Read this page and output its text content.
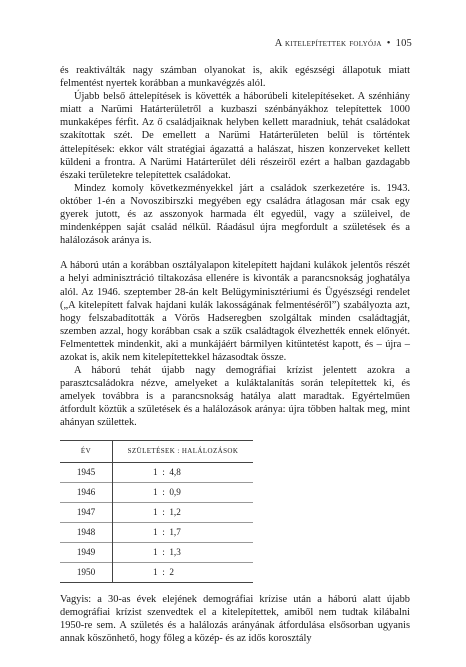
A kitelepítettek folyója • 105

és reaktiválták nagy számban olyanokat is, akik egészségi állapotuk miatt felmentést nyertek korábban a munkavégzés alól.

Újabb belső áttelepítések is követték a háborúbeli kitelepítéseket. A szénhiány miatt a Narümi Határterületről a kuzbaszi szénbányákhoz telepítettek 1000 munkaképes férfit. Az ő családjaiknak helyben kellett maradniuk, tehát családokat szakítottak szét. De emellett a Narümi Határterületen belül is történtek áttelepítések: ekkor vált stratégiai ágazattá a halászat, hiszen konzerveket kellett küldeni a frontra. A Narümi Határterület déli részeiről ezért a halban gazdagabb északi területekre telepítettek családokat.

Mindez komoly következményekkel járt a családok szerkezetére is. 1943. október 1-én a Novoszibirszki megyében egy családra átlagosan már csak egy gyerek jutott, és az asszonyok harmada élt egyedül, vagy a szüleivel, de mindenképpen saját család nélkül. Ráadásul újra megfordult a születések és a halálozások aránya is.

A háború után a korábban osztályalapon kitelepített hajdani kulákok jelentős részét a helyi adminisztráció tiltakozása ellenére is kivonták a parancsnokság joghatálya alól. Az 1946. szeptember 28-án kelt Belügyminisztériumi és Ügyészségi rendelet („A kitelepített falvak hajdani kulák lakosságának felmentéséről”) szabályozta azt, hogy felszabadították a Vörös Hadseregben szolgáltak minden családtagját, szemben azzal, hogy korábban csak a szűk családtagok élvezhették ennek előnyét. Felmentettek mindenkit, aki a munkájáért bármilyen kitüntetést kapott, és – újra – azokat is, akik nem kitelepítettekkel házasodtak össze.

A háború tehát újabb nagy demográfiai krízist jelentett azokra a parasztcsaládokra nézve, amelyeket a kuláktalanítás során telepítettek ki, és amelyek továbbra is a parancsnokság hatálya alatt maradtak. Egyértelműen átfordult köztük a születések és a halálozások aránya: újra többen haltak meg, mint ahányan születtek.

ÉV	SZÜLETÉSEK : HALÁLOZÁSOK
1945	1  :  4,8
1946	1  :  0,9
1947	1  :  1,2
1948	1  :  1,7
1949	1  :  1,3
1950	1  :  2

Vagyis: a 30-as évek elejének demográfiai krízise után a háború alatt újabb demográfiai krízist szenvedtek el a kitelepítettek, amiből nem tudtak kilábalni 1950-re sem. A születés és a halálozás arányának átfordulása elsősorban ugyanis annak köszönhető, hogy főleg a közép- és az idős korosztály
